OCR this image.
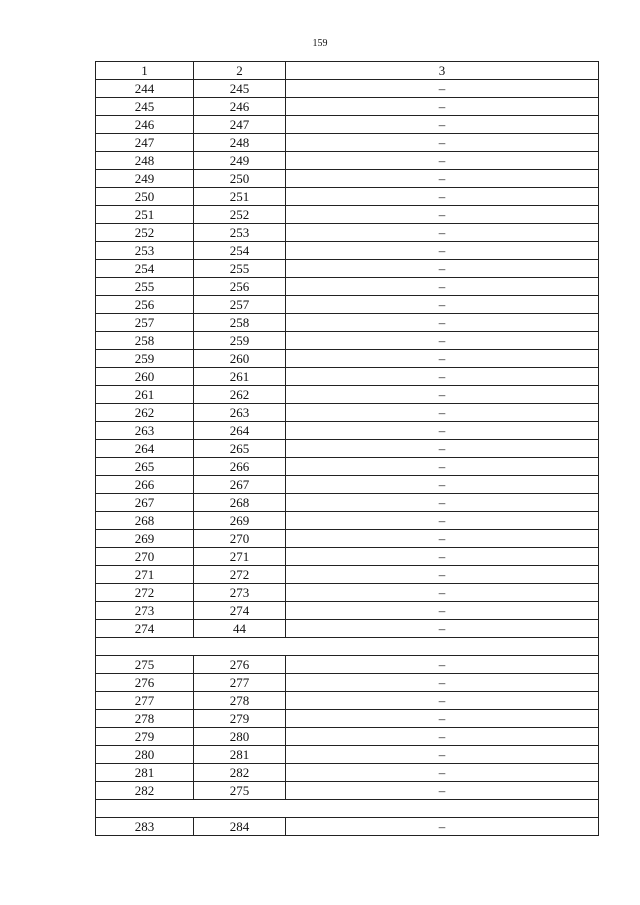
159
1	2	3
244	245	–
245	246	–
246	247	–
247	248	–
248	249	–
249	250	–
250	251	–
251	252	–
252	253	–
253	254	–
254	255	–
255	256	–
256	257	–
257	258	–
258	259	–
259	260	–
260	261	–
261	262	–
262	263	–
263	264	–
264	265	–
265	266	–
266	267	–
267	268	–
268	269	–
269	270	–
270	271	–
271	272	–
272	273	–
273	274	–
274	44	–

275	276	–
276	277	–
277	278	–
278	279	–
279	280	–
280	281	–
281	282	–
282	275	–

283	284	–
